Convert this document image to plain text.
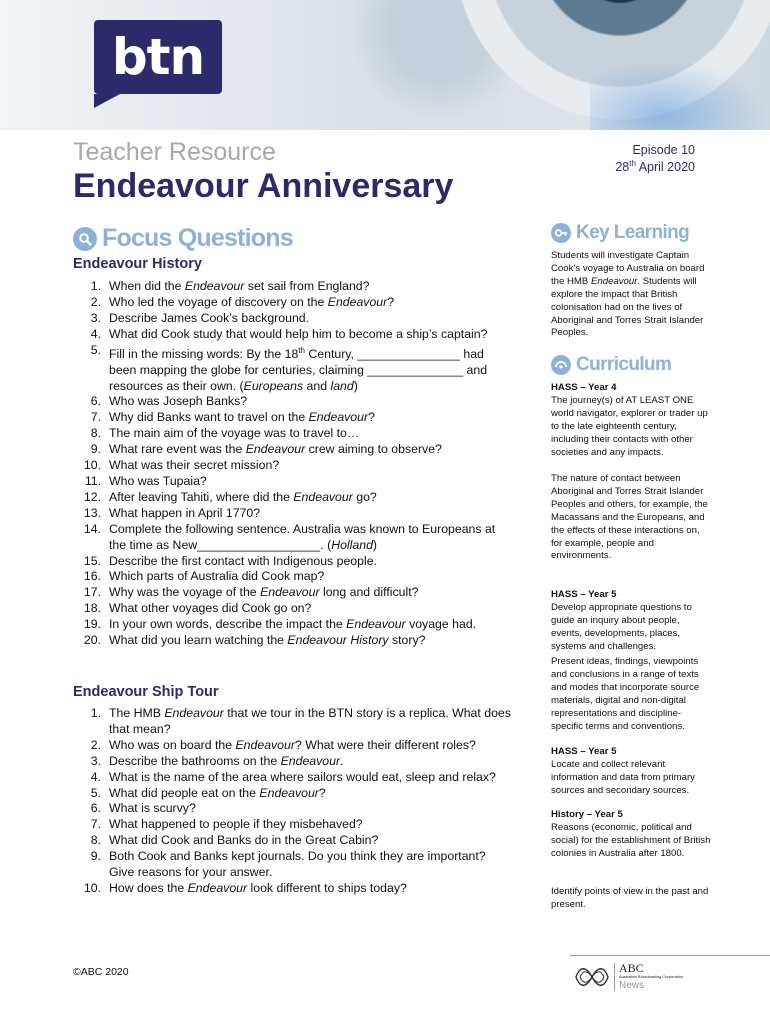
btn
Teacher Resource
Endeavour Anniversary
Episode 10
28th April 2020
Focus Questions
Endeavour History
1. When did the Endeavour set sail from England?
2. Who led the voyage of discovery on the Endeavour?
3. Describe James Cook’s background.
4. What did Cook study that would help him to become a ship’s captain?
5. Fill in the missing words: By the 18th Century, _______________ had been mapping the globe for centuries, claiming ______________ and resources as their own. (Europeans and land)
6. Who was Joseph Banks?
7. Why did Banks want to travel on the Endeavour?
8. The main aim of the voyage was to travel to…
9. What rare event was the Endeavour crew aiming to observe?
10. What was their secret mission?
11. Who was Tupaia?
12. After leaving Tahiti, where did the Endeavour go?
13. What happen in April 1770?
14. Complete the following sentence. Australia was known to Europeans at the time as New__________________. (Holland)
15. Describe the first contact with Indigenous people.
16. Which parts of Australia did Cook map?
17. Why was the voyage of the Endeavour long and difficult?
18. What other voyages did Cook go on?
19. In your own words, describe the impact the Endeavour voyage had.
20. What did you learn watching the Endeavour History story?
Endeavour Ship Tour
1. The HMB Endeavour that we tour in the BTN story is a replica. What does that mean?
2. Who was on board the Endeavour? What were their different roles?
3. Describe the bathrooms on the Endeavour.
4. What is the name of the area where sailors would eat, sleep and relax?
5. What did people eat on the Endeavour?
6. What is scurvy?
7. What happened to people if they misbehaved?
8. What did Cook and Banks do in the Great Cabin?
9. Both Cook and Banks kept journals. Do you think they are important? Give reasons for your answer.
10. How does the Endeavour look different to ships today?
Key Learning

Students will investigate Captain Cook’s voyage to Australia on board the HMB Endeavour. Students will explore the impact that British colonisation had on the lives of Aboriginal and Torres Strait Islander Peoples.

Curriculum
HASS – Year 4
The journey(s) of AT LEAST ONE world navigator, explorer or trader up to the late eighteenth century, including their contacts with other societies and any impacts.
The nature of contact between Aboriginal and Torres Strait Islander Peoples and others, for example, the Macassans and the Europeans, and the effects of these interactions on, for example, people and environments.
HASS – Year 5
Develop appropriate questions to guide an inquiry about people, events, developments, places, systems and challenges.
Present ideas, findings, viewpoints and conclusions in a range of texts and modes that incorporate source materials, digital and non-digital representations and discipline-specific terms and conventions.
HASS – Year 5
Locate and collect relevant information and data from primary sources and secondary sources.
History – Year 5
Reasons (economic, political and social) for the establishment of British colonies in Australia after 1800.
Identify points of view in the past and present.
©ABC 2020	ABC
Australian Broadcasting Corporation
News
